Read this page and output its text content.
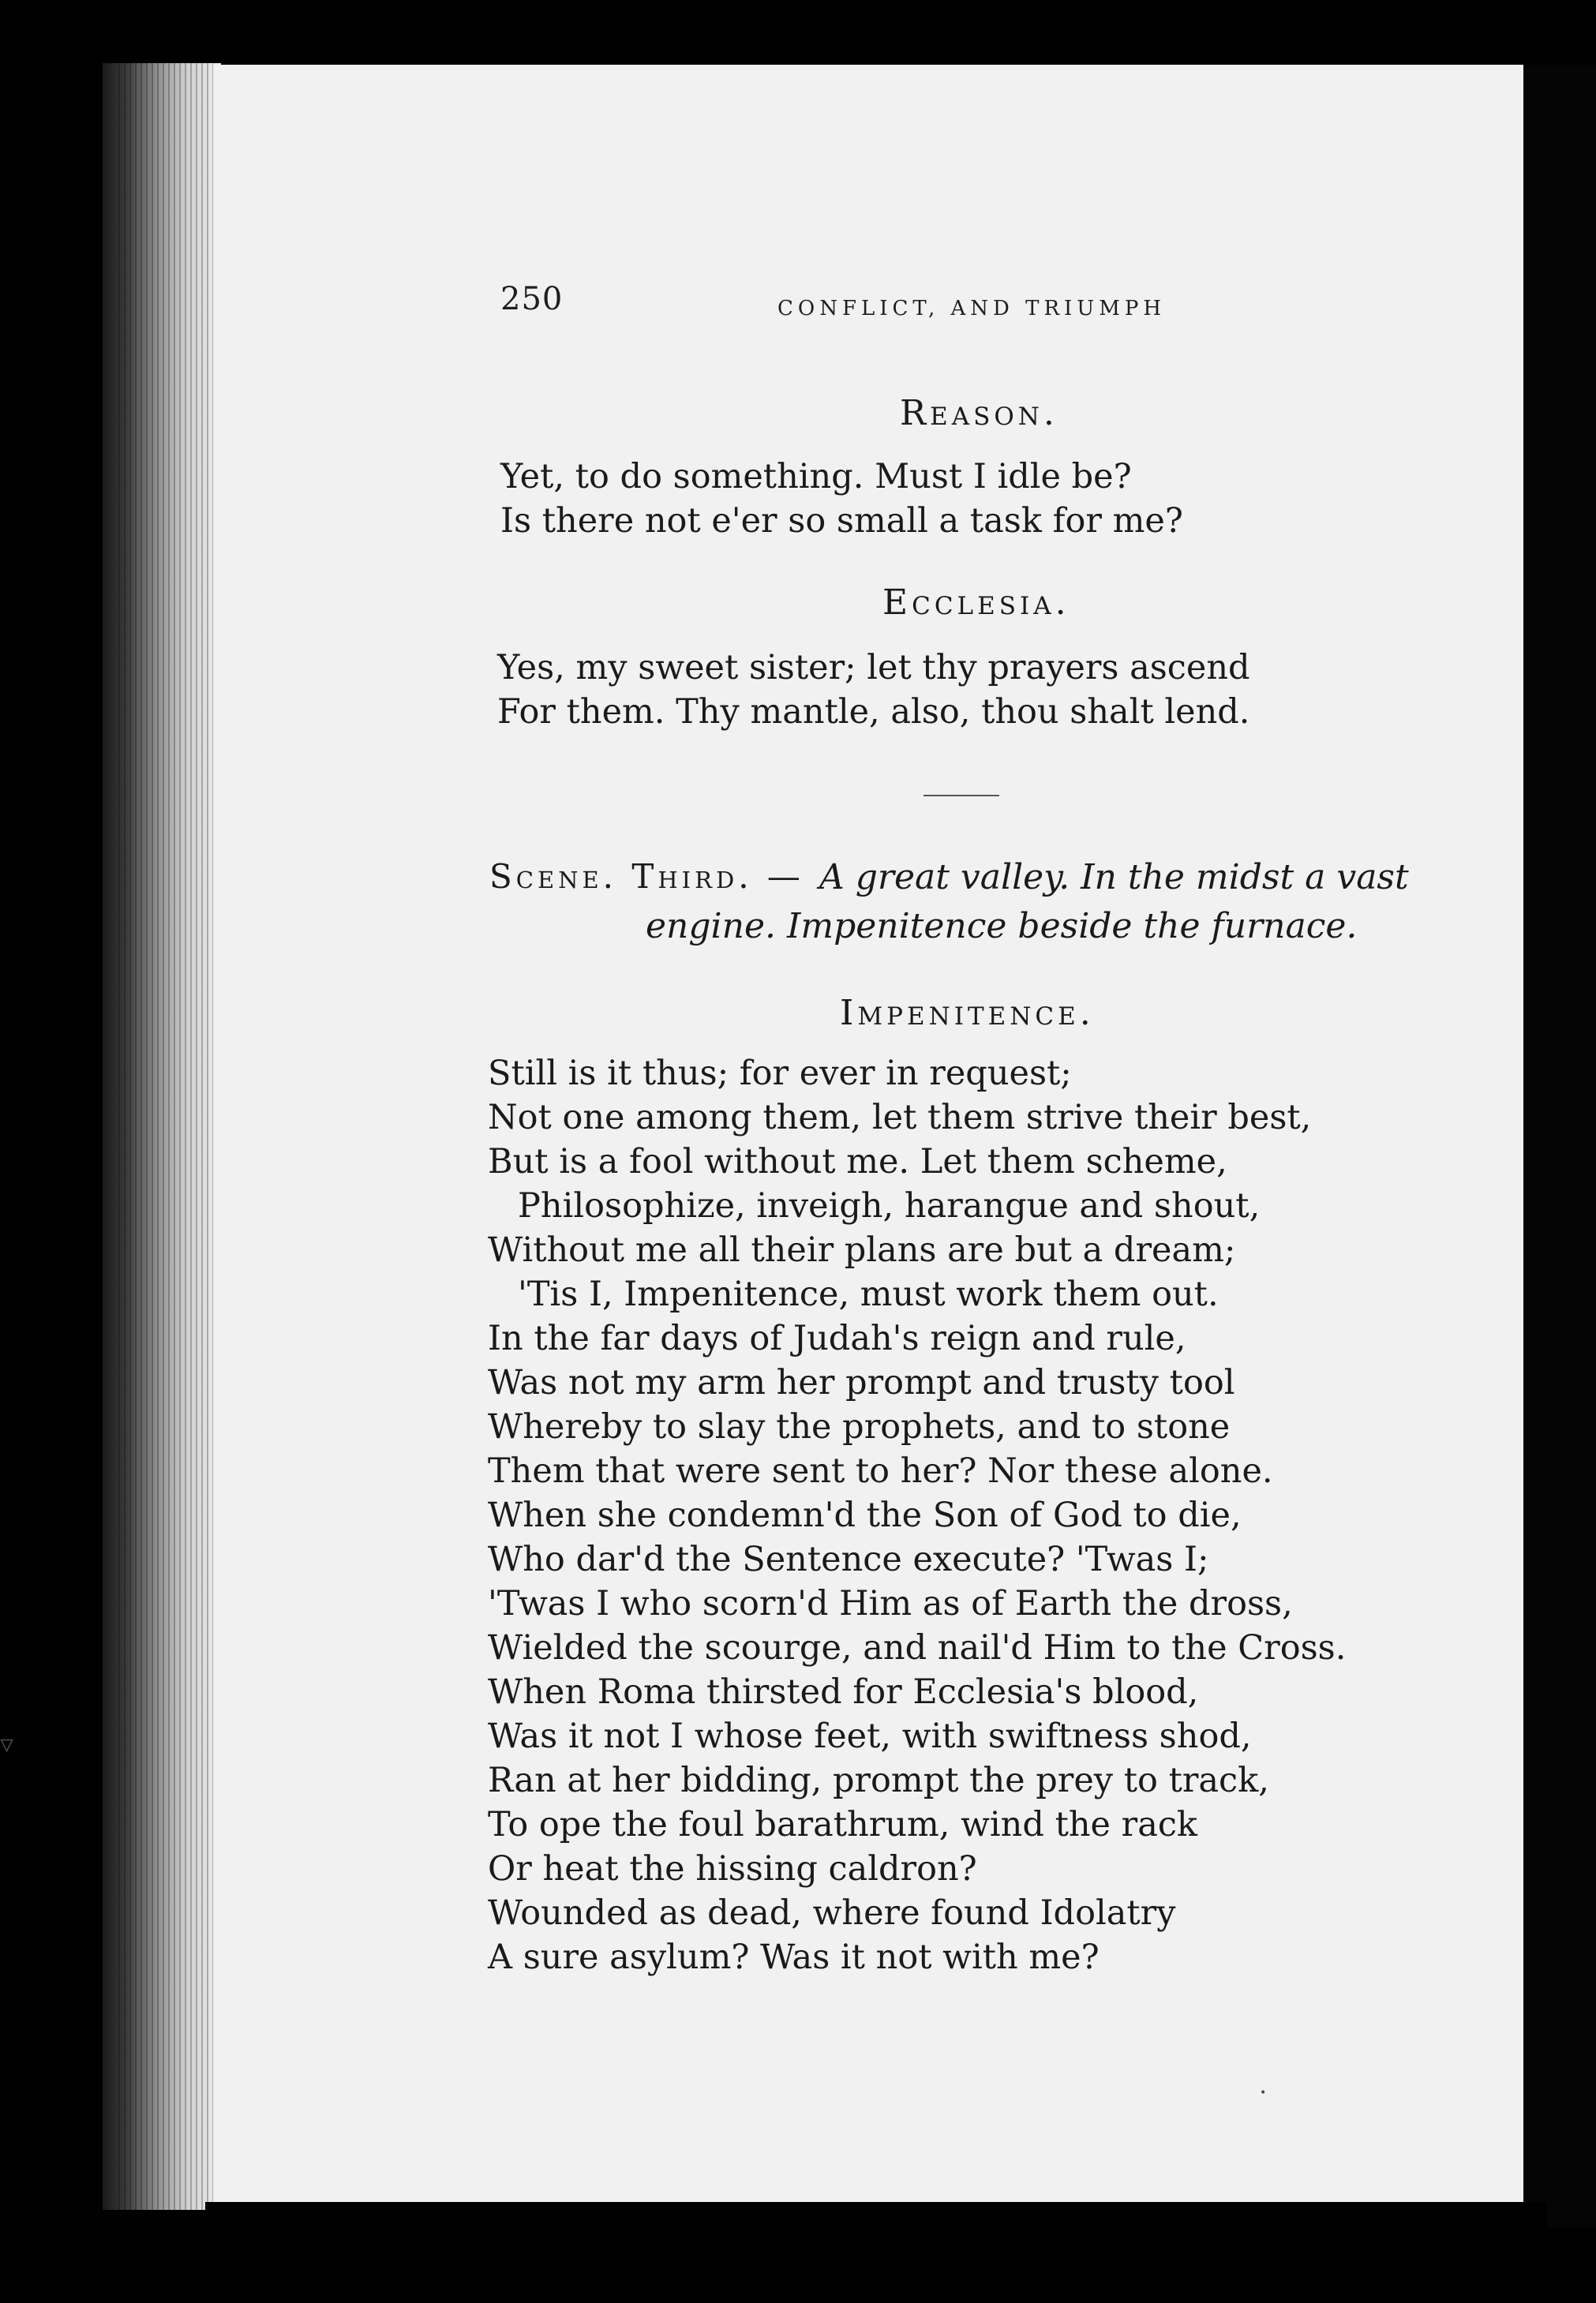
250	CONFLICT, AND TRIUMPH
Reason.
Yet, to do something. Must I idle be?
Is there not e'er so small a task for me?
Ecclesia.
Yes, my sweet sister; let thy prayers ascend
For them. Thy mantle, also, thou shalt lend.
Scene. Third. — A great valley. In the midst a vast
engine. Impenitence beside the furnace.
Impenitence.
Still is it thus; for ever in request;
Not one among them, let them strive their best,
But is a fool without me. Let them scheme,
Philosophize, inveigh, harangue and shout,
Without me all their plans are but a dream;
'Tis I, Impenitence, must work them out.
In the far days of Judah's reign and rule,
Was not my arm her prompt and trusty tool
Whereby to slay the prophets, and to stone
Them that were sent to her? Nor these alone.
When she condemn'd the Son of God to die,
Who dar'd the Sentence execute? 'Twas I;
'Twas I who scorn'd Him as of Earth the dross,
Wielded the scourge, and nail'd Him to the Cross.
When Roma thirsted for Ecclesia's blood,
Was it not I whose feet, with swiftness shod,
Ran at her bidding, prompt the prey to track,
To ope the foul barathrum, wind the rack
Or heat the hissing caldron?
Wounded as dead, where found Idolatry
A sure asylum? Was it not with me?
▿
•
